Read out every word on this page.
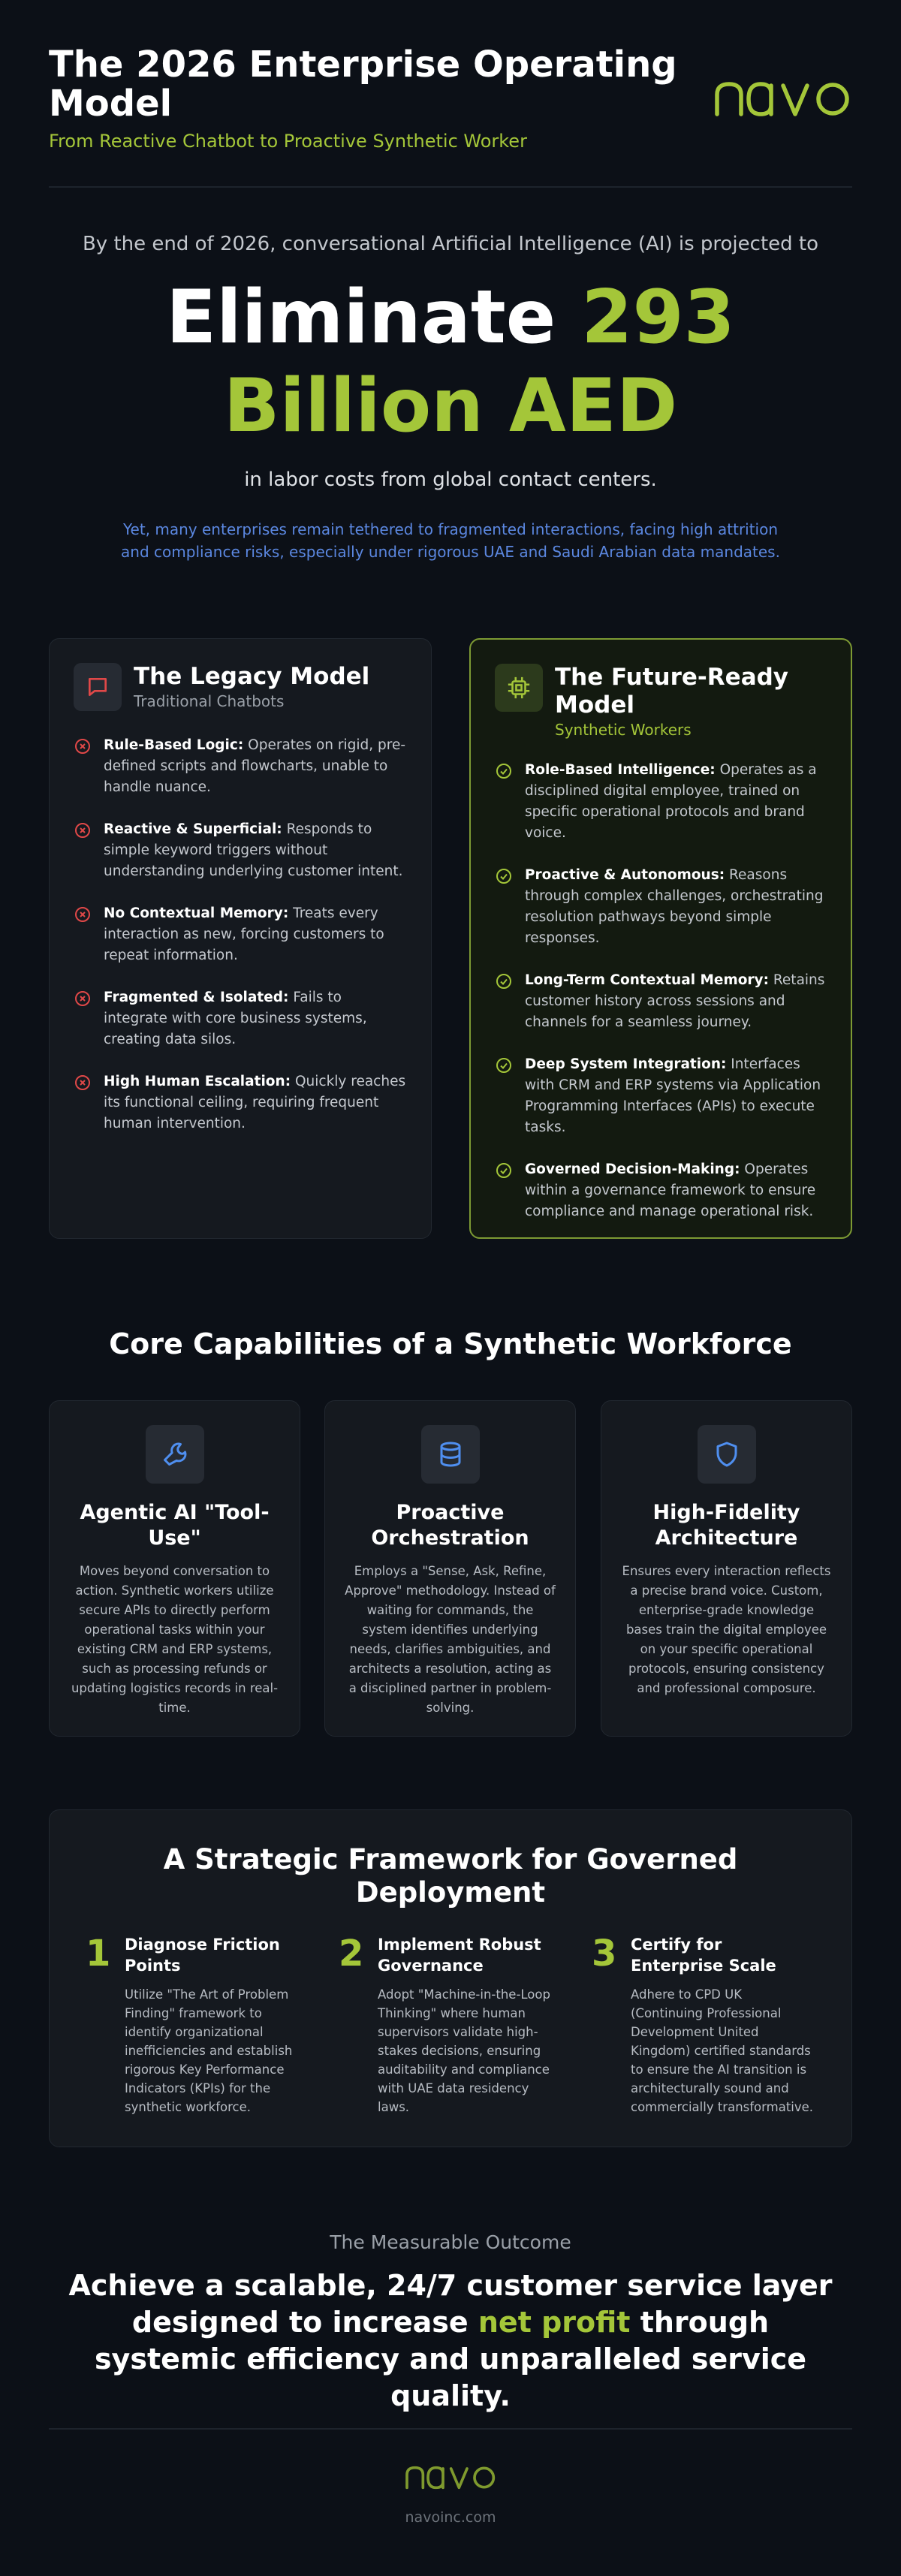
The 2026 Enterprise Operating Model
From Reactive Chatbot to Proactive Synthetic Worker
By the end of 2026, conversational Artificial Intelligence (AI) is projected to
Eliminate 293
Billion AED
in labor costs from global contact centers.
Yet, many enterprises remain tethered to fragmented interactions, facing high attrition and compliance risks, especially under rigorous UAE and Saudi Arabian data mandates.
The Legacy Model
Traditional Chatbots
Rule-Based Logic: Operates on rigid, pre-defined scripts and flowcharts, unable to handle nuance.
Reactive & Superficial: Responds to simple keyword triggers without understanding underlying customer intent.
No Contextual Memory: Treats every interaction as new, forcing customers to repeat information.
Fragmented & Isolated: Fails to integrate with core business systems, creating data silos.
High Human Escalation: Quickly reaches its functional ceiling, requiring frequent human intervention.
The Future-Ready Model
Synthetic Workers
Role-Based Intelligence: Operates as a disciplined digital employee, trained on specific operational protocols and brand voice.
Proactive & Autonomous: Reasons through complex challenges, orchestrating resolution pathways beyond simple responses.
Long-Term Contextual Memory: Retains customer history across sessions and channels for a seamless journey.
Deep System Integration: Interfaces with CRM and ERP systems via Application Programming Interfaces (APIs) to execute tasks.
Governed Decision-Making: Operates within a governance framework to ensure compliance and manage operational risk.
Core Capabilities of a Synthetic Workforce
Agentic AI "Tool-Use"
Moves beyond conversation to action. Synthetic workers utilize secure APIs to directly perform operational tasks within your existing CRM and ERP systems, such as processing refunds or updating logistics records in real-time.
Proactive Orchestration
Employs a "Sense, Ask, Refine, Approve" methodology. Instead of waiting for commands, the system identifies underlying needs, clarifies ambiguities, and architects a resolution, acting as a disciplined partner in problem-solving.
High-Fidelity Architecture
Ensures every interaction reflects a precise brand voice. Custom, enterprise-grade knowledge bases train the digital employee on your specific operational protocols, ensuring consistency and professional composure.
A Strategic Framework for Governed Deployment
1 Diagnose Friction Points
Utilize "The Art of Problem Finding" framework to identify organizational inefficiencies and establish rigorous Key Performance Indicators (KPIs) for the synthetic workforce.
2 Implement Robust Governance
Adopt "Machine-in-the-Loop Thinking" where human supervisors validate high-stakes decisions, ensuring auditability and compliance with UAE data residency laws.
3 Certify for Enterprise Scale
Adhere to CPD UK (Continuing Professional Development United Kingdom) certified standards to ensure the AI transition is architecturally sound and commercially transformative.
The Measurable Outcome
Achieve a scalable, 24/7 customer service layer designed to increase net profit through systemic efficiency and unparalleled service quality.
navoinc.com
